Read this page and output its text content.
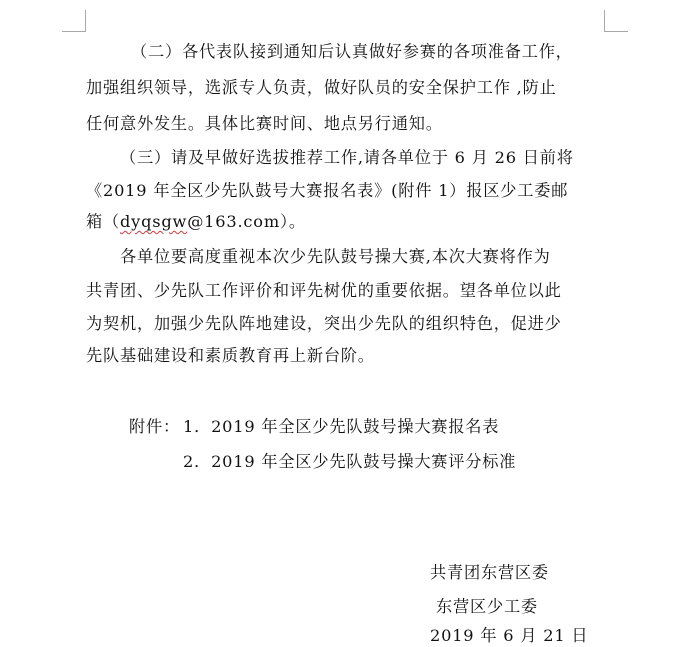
（二）各代表队接到通知后认真做好参赛的各项准备工作，
加强组织领导，选派专人负责，做好队员的安全保护工作 ,防止
任何意外发生。具体比赛时间、地点另行通知。
（三）请及早做好选拔推荐工作,请各单位于 6 月 26 日前将
《2019 年全区少先队鼓号大赛报名表》(附件 1）报区少工委邮
箱（dyqsgw@163.com）。
各单位要高度重视本次少先队鼓号操大赛,本次大赛将作为
共青团、少先队工作评价和评先树优的重要依据。望各单位以此
为契机，加强少先队阵地建设，突出少先队的组织特色，促进少
先队基础建设和素质教育再上新台阶。
附件： 1．2019 年全区少先队鼓号操大赛报名表
2．2019 年全区少先队鼓号操大赛评分标准
共青团东营区委
东营区少工委
2019 年 6 月 21 日
